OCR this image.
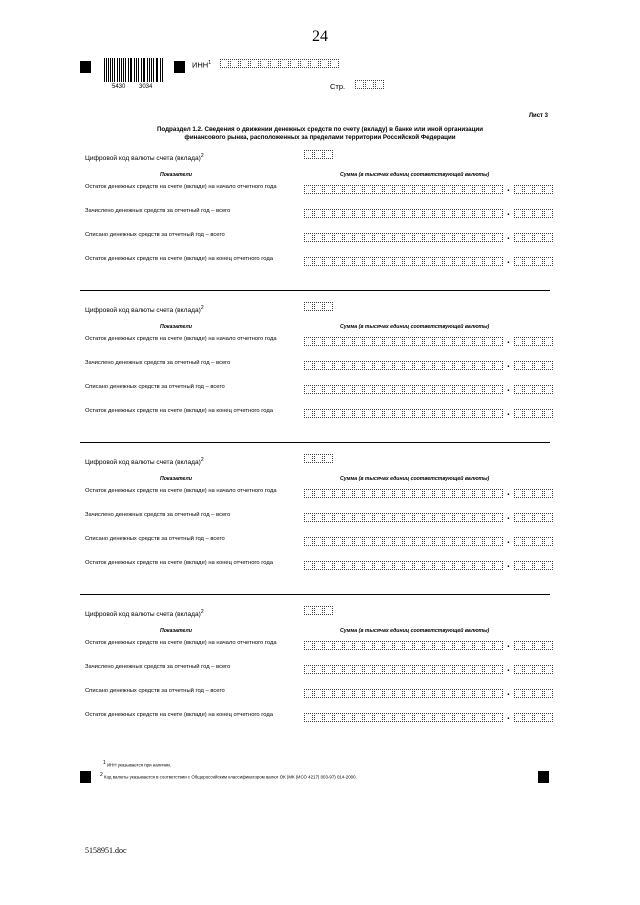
24
5430 3034
ИНН$^1$
Стр.
Лист 3
Подраздел 1.2. Сведения о движении денежных средств по счету (вкладу) в банке или иной организации
финансового рынка, расположенных за пределами территории Российской Федерации
Цифровой код валюты счета (вклада)$^2$
Показатели	Сумма (в тысячах единиц соответствующей валюты)
Остаток денежных средств на счете (вкладе) на начало отчетного года	.
Зачислено денежных средств за отчетный год – всего	.
Списано денежных средств за отчетный год – всего	.
Остаток денежных средств на счете (вкладе) на конец отчетного года	.
Цифровой код валюты счета (вклада)$^2$
Показатели	Сумма (в тысячах единиц соответствующей валюты)
Остаток денежных средств на счете (вкладе) на начало отчетного года	.
Зачислено денежных средств за отчетный год – всего	.
Списано денежных средств за отчетный год – всего	.
Остаток денежных средств на счете (вкладе) на конец отчетного года	.
Цифровой код валюты счета (вклада)$^2$
Показатели	Сумма (в тысячах единиц соответствующей валюты)
Остаток денежных средств на счете (вкладе) на начало отчетного года	.
Зачислено денежных средств за отчетный год – всего	.
Списано денежных средств за отчетный год – всего	.
Остаток денежных средств на счете (вкладе) на конец отчетного года	.
Цифровой код валюты счета (вклада)$^2$
Показатели	Сумма (в тысячах единиц соответствующей валюты)
Остаток денежных средств на счете (вкладе) на начало отчетного года	.
Зачислено денежных средств за отчетный год – всего	.
Списано денежных средств за отчетный год – всего	.
Остаток денежных средств на счете (вкладе) на конец отчетного года	.
1 ИНН указывается при наличии.
2 Код валюты указывается в соответствии с Общероссийским классификатором валют ОК (МК (ИСО 4217) 003-97) 014-2000.
5158951.doc
